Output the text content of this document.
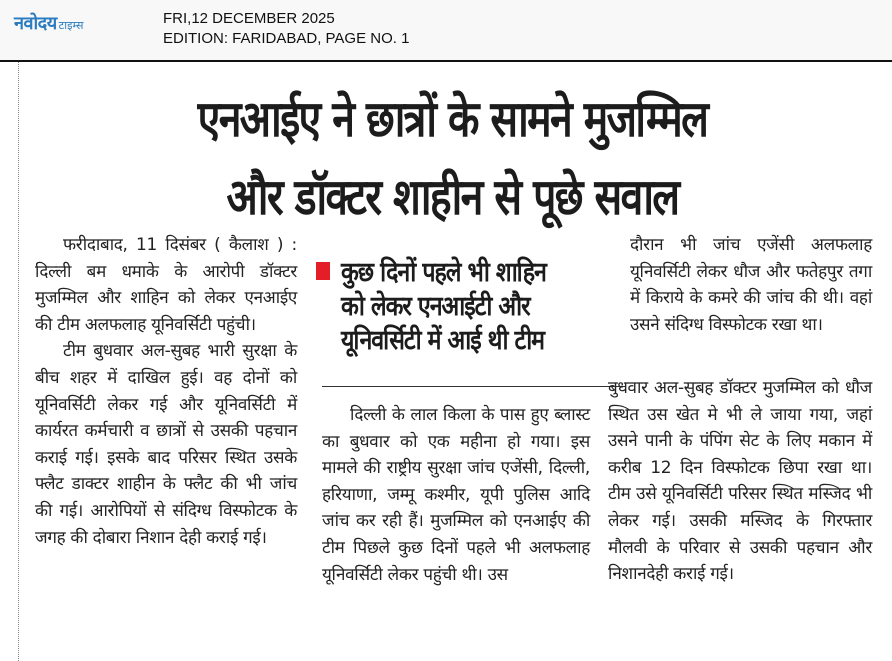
नवोदय टाइम्स	FRI,12 DECEMBER 2025
EDITION: FARIDABAD, PAGE NO. 1
एनआईए ने छात्रों के सामने मुजम्मिल
और डॉक्टर शाहीन से पूछे सवाल

फरीदाबाद, 11 दिसंबर ( कैलाश ) : दिल्ली बम धमाके के आरोपी डॉक्टर मुजम्मिल और शाहिन को लेकर एनआईए की टीम अलफलाह यूनिवर्सिटी पहुंची।

टीम बुधवार अल-सुबह भारी सुरक्षा के बीच शहर में दाखिल हुई। वह दोनों को यूनिवर्सिटी लेकर गई और यूनिवर्सिटी में कार्यरत कर्मचारी व छात्रों से उसकी पहचान कराई गई। इसके बाद परिसर स्थित उसके फ्लैट डाक्टर शाहीन के फ्लैट की भी जांच की गई। आरोपियों से संदिग्ध विस्फोटक के जगह की दोबारा निशान देही कराई गई।

कुछ दिनों पहले भी शाहिन
को लेकर एनआईटी और
यूनिवर्सिटी में आई थी टीम

दिल्ली के लाल किला के पास हुए ब्लास्ट का बुधवार को एक महीना हो गया। इस मामले की राष्ट्रीय सुरक्षा जांच एजेंसी, दिल्ली, हरियाणा, जम्मू कश्मीर, यूपी पुलिस आदि जांच कर रही हैं। मुजम्मिल को एनआईए की टीम पिछले कुछ दिनों पहले भी अलफलाह यूनिवर्सिटी लेकर पहुंची थी। उस

दौरान भी जांच एजेंसी अलफलाह यूनिवर्सिटी लेकर धौज और फतेहपुर तगा में किराये के कमरे की जांच की थी। वहां उसने संदिग्ध विस्फोटक रखा था।

बुधवार अल-सुबह डॉक्टर मुजम्मिल को धौज स्थित उस खेत मे भी ले जाया गया, जहां उसने पानी के पंपिंग सेट के लिए मकान में करीब 12 दिन विस्फोटक छिपा रखा था। टीम उसे यूनिवर्सिटी परिसर स्थित मस्जिद भी लेकर गई। उसकी मस्जिद के गिरफ्तार मौलवी के परिवार से उसकी पहचान और निशानदेही कराई गई।
